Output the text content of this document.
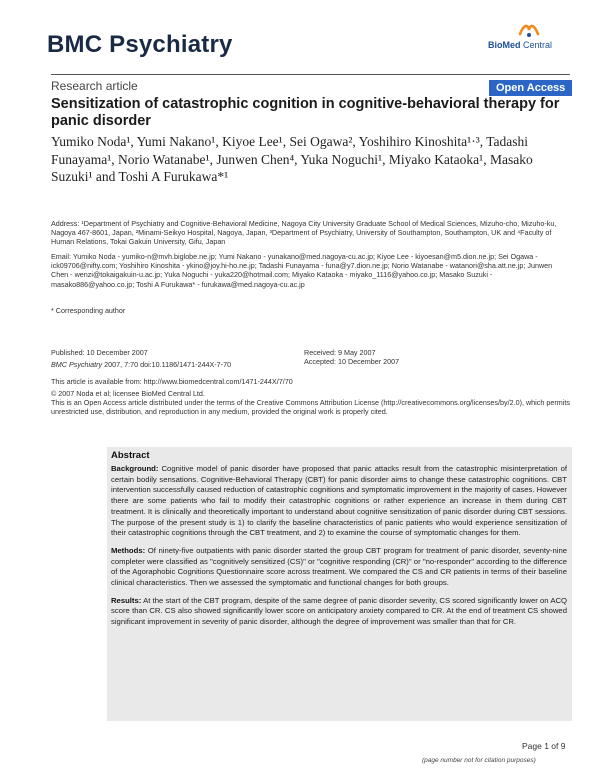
BMC Psychiatry	BioMed Central
Research article	Open Access
Sensitization of catastrophic cognition in cognitive-behavioral therapy for panic disorder
Yumiko Noda¹, Yumi Nakano¹, Kiyoe Lee¹, Sei Ogawa², Yoshihiro Kinoshita¹·³, Tadashi Funayama¹, Norio Watanabe¹, Junwen Chen⁴, Yuka Noguchi¹, Miyako Kataoka¹, Masako Suzuki¹ and Toshi A Furukawa*¹
Address: ¹Department of Psychiatry and Cognitive-Behavioral Medicine, Nagoya City University Graduate School of Medical Sciences, Mizuho-cho, Mizuho-ku, Nagoya 467-8601, Japan, ²Minami-Seikyo Hospital, Nagoya, Japan, ³Department of Psychiatry, University of Southampton, Southampton, UK and ⁴Faculty of Human Relations, Tokai Gakuin University, Gifu, Japan
Email: Yumiko Noda - yumiko-n@mvh.biglobe.ne.jp; Yumi Nakano - yunakano@med.nagoya-cu.ac.jp; Kiyoe Lee - kiyoesan@m5.dion.ne.jp; Sei Ogawa - ick09706@nifty.com; Yoshihiro Kinoshita - ykino@joy.hi-ho.ne.jp; Tadashi Funayama - funa@y7.dion.ne.jp; Norio Watanabe - watanori@sha.att.ne.jp; Junwen Chen - wenzi@tokaigakuin-u.ac.jp; Yuka Noguchi - yuka220@hotmail.com; Miyako Kataoka - miyako_1116@yahoo.co.jp; Masako Suzuki - masako886@yahoo.co.jp; Toshi A Furukawa* - furukawa@med.nagoya-cu.ac.jp
* Corresponding author
Published: 10 December 2007
BMC Psychiatry 2007, 7:70 doi:10.1186/1471-244X-7-70
Received: 9 May 2007
Accepted: 10 December 2007
This article is available from: http://www.biomedcentral.com/1471-244X/7/70
© 2007 Noda et al; licensee BioMed Central Ltd.
This is an Open Access article distributed under the terms of the Creative Commons Attribution License (http://creativecommons.org/licenses/by/2.0), which permits unrestricted use, distribution, and reproduction in any medium, provided the original work is properly cited.
Abstract

Background: Cognitive model of panic disorder have proposed that panic attacks result from the catastrophic misinterpretation of certain bodily sensations. Cognitive-Behavioral Therapy (CBT) for panic disorder aims to change these catastrophic cognitions. CBT intervention successfully caused reduction of catastrophic cognitions and symptomatic improvement in the majority of cases. However there are some patients who fail to modify their catastrophic cognitions or rather experience an increase in them during CBT treatment. It is clinically and theoretically important to understand about cognitive sensitization of panic disorder during CBT sessions. The purpose of the present study is 1) to clarify the baseline characteristics of panic patients who would experience sensitization of their catastrophic cognitions through the CBT treatment, and 2) to examine the course of symptomatic changes for them.

Methods: Of ninety-five outpatients with panic disorder started the group CBT program for treatment of panic disorder, seventy-nine completer were classified as "cognitively sensitized (CS)" or "cognitive responding (CR)" or "no-responder" according to the difference of the Agoraphobic Cognitions Questionnaire score across treatment. We compared the CS and CR patients in terms of their baseline clinical characteristics. Then we assessed the symptomatic and functional changes for both groups.

Results: At the start of the CBT program, despite of the same degree of panic disorder severity, CS scored significantly lower on ACQ score than CR. CS also showed significantly lower score on anticipatory anxiety compared to CR. At the end of treatment CS showed significant improvement in severity of panic disorder, although the degree of improvement was smaller than that for CR.

Page 1 of 9
(page number not for citation purposes)
